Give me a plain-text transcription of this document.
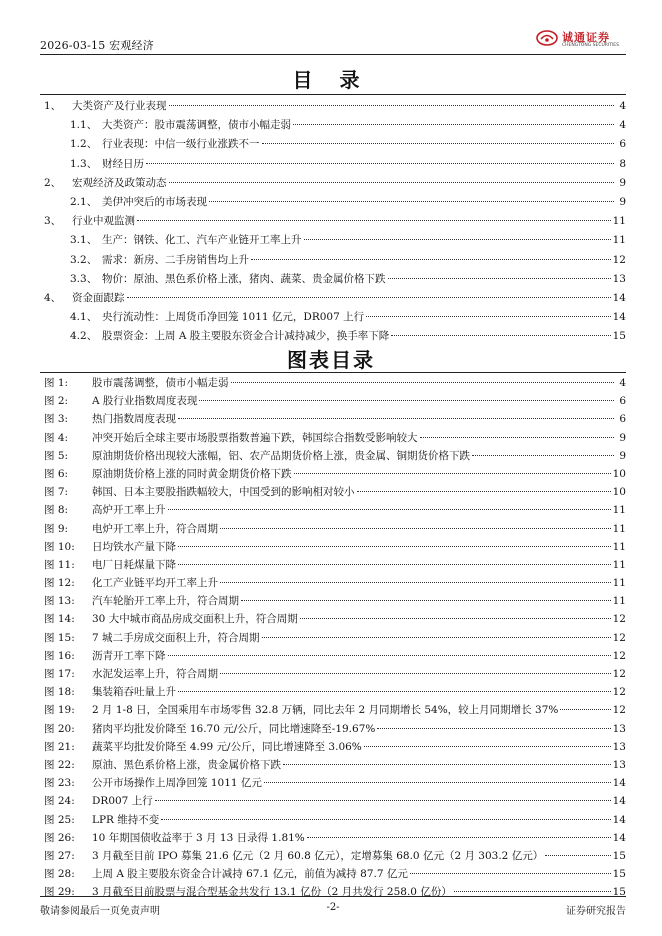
2026-03-15 宏观经济
诚通证券
CHENGTONG SECURITIES
目 录
1、	大类资产及行业表现	4
1.1、 大类资产：股市震荡调整，债市小幅走弱	4
1.2、 行业表现：中信一级行业涨跌不一	6
1.3、 财经日历	8
2、	宏观经济及政策动态	9
2.1、 美伊冲突后的市场表现	9
3、	行业中观监测	11
3.1、 生产：钢铁、化工、汽车产业链开工率上升	11
3.2、 需求：新房、二手房销售均上升	12
3.3、 物价：原油、黑色系价格上涨，猪肉、蔬菜、贵金属价格下跌	13
4、	资金面跟踪	14
4.1、 央行流动性：上周货币净回笼 1011 亿元，DR007 上行	14
4.2、 股票资金：上周 A 股主要股东资金合计减持减少，换手率下降	15
图表目录
图 1:	股市震荡调整，债市小幅走弱	4
图 2:	A 股行业指数周度表现	6
图 3:	热门指数周度表现	6
图 4:	冲突开始后全球主要市场股票指数普遍下跌，韩国综合指数受影响较大	9
图 5:	原油期货价格出现较大涨幅，铝、农产品期货价格上涨，贵金属、铜期货价格下跌	9
图 6:	原油期货价格上涨的同时黄金期货价格下跌	10
图 7:	韩国、日本主要股指跌幅较大，中国受到的影响相对较小	10
图 8:	高炉开工率上升	11
图 9:	电炉开工率上升，符合周期	11
图 10:	日均铁水产量下降	11
图 11:	电厂日耗煤量下降	11
图 12:	化工产业链平均开工率上升	11
图 13:	汽车轮胎开工率上升，符合周期	11
图 14:	30 大中城市商品房成交面积上升，符合周期	12
图 15:	7 城二手房成交面积上升，符合周期	12
图 16:	沥青开工率下降	12
图 17:	水泥发运率上升，符合周期	12
图 18:	集装箱吞吐量上升	12
图 19:	2 月 1-8 日，全国乘用车市场零售 32.8 万辆，同比去年 2 月同期增长 54%，较上月同期增长 37%	12
图 20:	猪肉平均批发价降至 16.70 元/公斤，同比增速降至-19.67%	13
图 21:	蔬菜平均批发价降至 4.99 元/公斤，同比增速降至 3.06%	13
图 22:	原油、黑色系价格上涨，贵金属价格下跌	13
图 23:	公开市场操作上周净回笼 1011 亿元	14
图 24:	DR007 上行	14
图 25:	LPR 维持不变	14
图 26:	10 年期国债收益率于 3 月 13 日录得 1.81%	14
图 27:	3 月截至目前 IPO 募集 21.6 亿元（2 月 60.8 亿元），定增募集 68.0 亿元（2 月 303.2 亿元）	15
图 28:	上周 A 股主要股东资金合计减持 67.1 亿元，前值为减持 87.7 亿元	15
图 29:	3 月截至目前股票与混合型基金共发行 13.1 亿份（2 月共发行 258.0 亿份）	15
敬请参阅最后一页免责声明	-2-	证券研究报告
